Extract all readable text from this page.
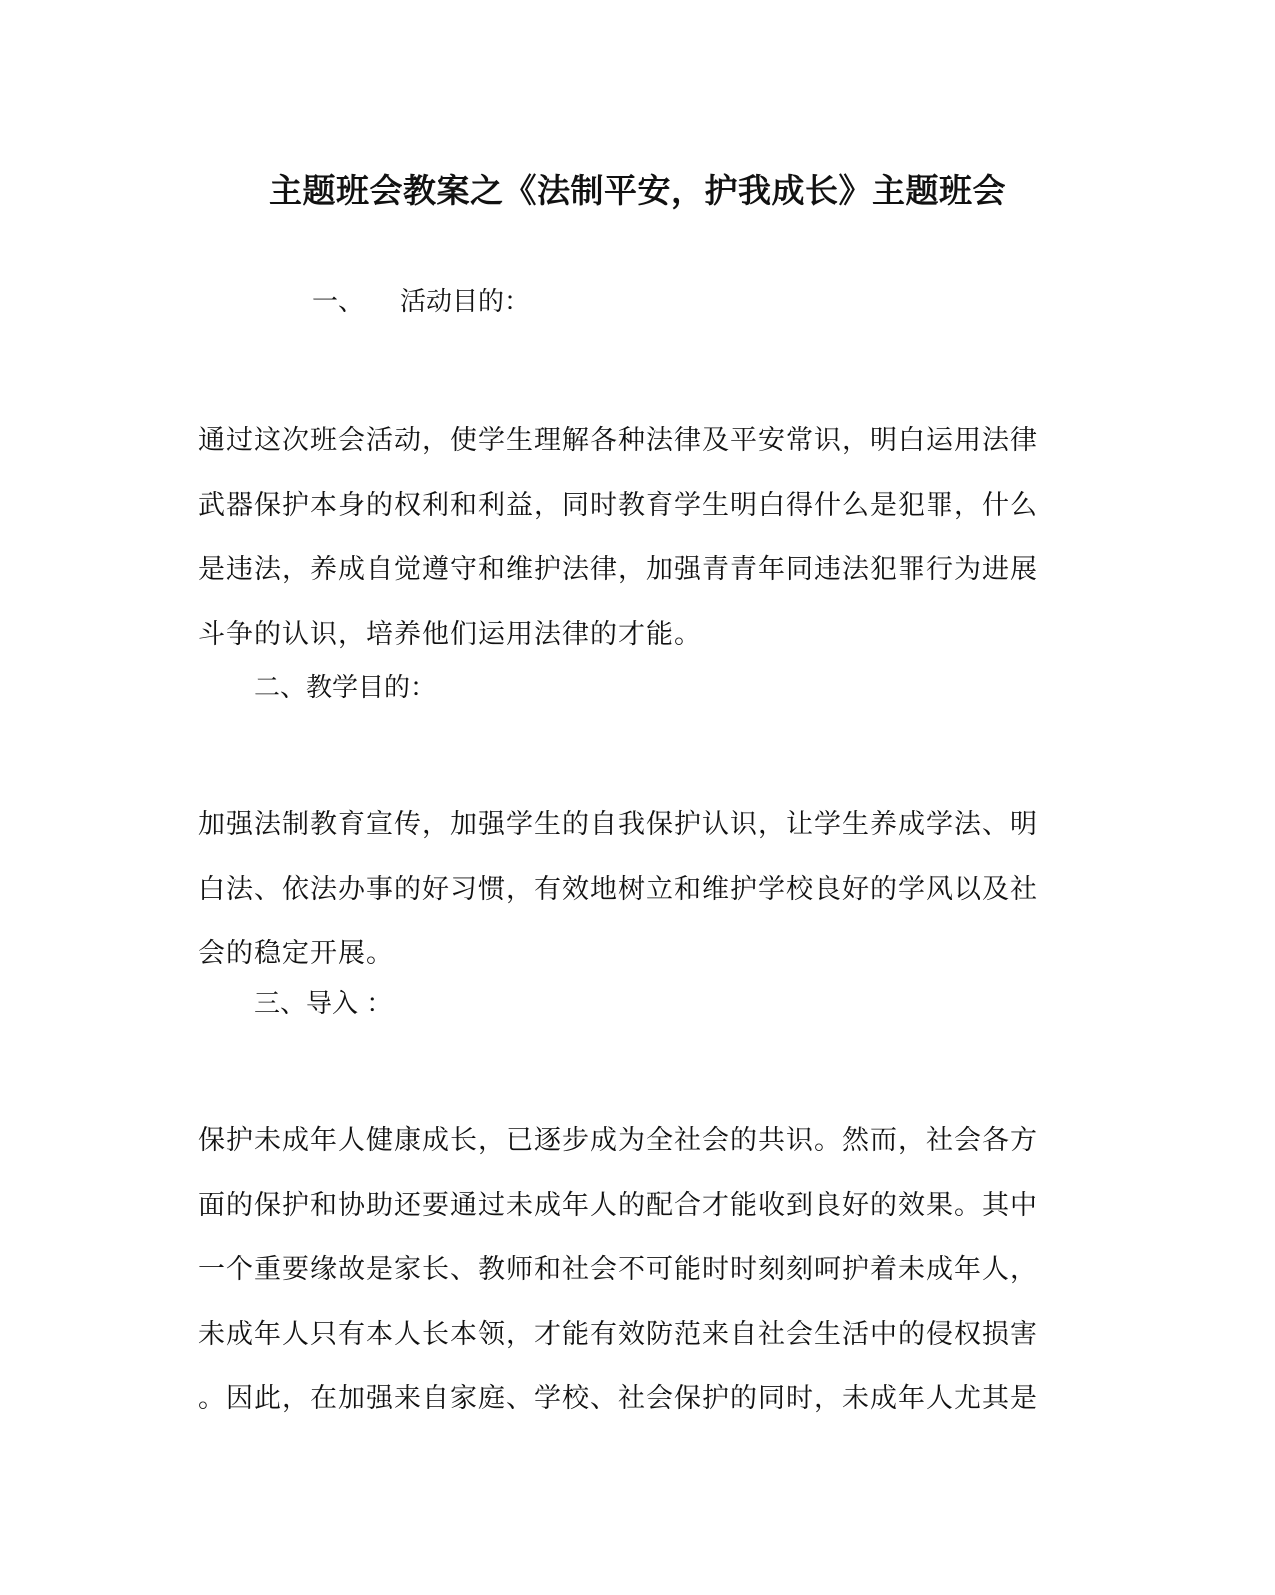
主题班会教案之《法制平安，护我成长》主题班会
一、 活动目的：
通过这次班会活动，使学生理解各种法律及平安常识，明白运用法律
武器保护本身的权利和利益，同时教育学生明白得什么是犯罪，什么
是违法，养成自觉遵守和维护法律，加强青青年同违法犯罪行为进展
斗争的认识，培养他们运用法律的才能。
二、教学目的：
加强法制教育宣传，加强学生的自我保护认识，让学生养成学法、明
白法、依法办事的好习惯，有效地树立和维护学校良好的学风以及社
会的稳定开展。
三、导入 ：
保护未成年人健康成长，已逐步成为全社会的共识。然而，社会各方
面的保护和协助还要通过未成年人的配合才能收到良好的效果。其中
一个重要缘故是家长、教师和社会不可能时时刻刻呵护着未成年人，
未成年人只有本人长本领，才能有效防范来自社会生活中的侵权损害
。因此，在加强来自家庭、学校、社会保护的同时，未成年人尤其是
